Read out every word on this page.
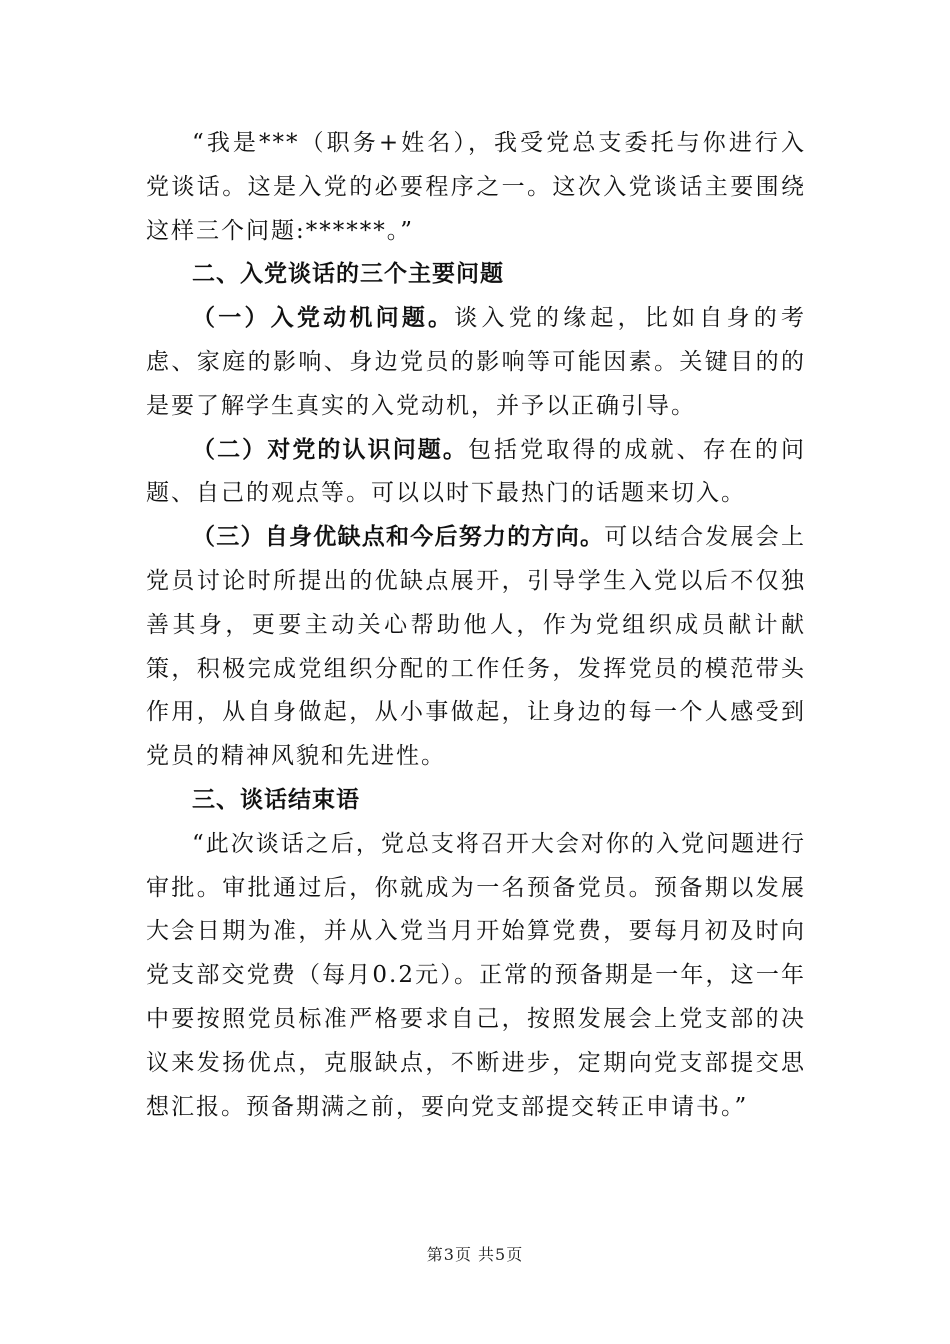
“我是***（职务+姓名），我受党总支委托与你进行入党谈话。这是入党的必要程序之一。这次入党谈话主要围绕这样三个问题:******。”

二、入党谈话的三个主要问题

（一）入党动机问题。谈入党的缘起，比如自身的考虑、家庭的影响、身边党员的影响等可能因素。关键目的的是要了解学生真实的入党动机，并予以正确引导。

（二）对党的认识问题。包括党取得的成就、存在的问题、自己的观点等。可以以时下最热门的话题来切入。

（三）自身优缺点和今后努力的方向。可以结合发展会上党员讨论时所提出的优缺点展开，引导学生入党以后不仅独善其身，更要主动关心帮助他人，作为党组织成员献计献策，积极完成党组织分配的工作任务，发挥党员的模范带头作用，从自身做起，从小事做起，让身边的每一个人感受到党员的精神风貌和先进性。

三、谈话结束语

“此次谈话之后，党总支将召开大会对你的入党问题进行审批。审批通过后，你就成为一名预备党员。预备期以发展大会日期为准，并从入党当月开始算党费，要每月初及时向党支部交党费（每月0.2元）。正常的预备期是一年，这一年中要按照党员标准严格要求自己，按照发展会上党支部的决议来发扬优点，克服缺点，不断进步，定期向党支部提交思想汇报。预备期满之前，要向党支部提交转正申请书。”

第3页 共5页
